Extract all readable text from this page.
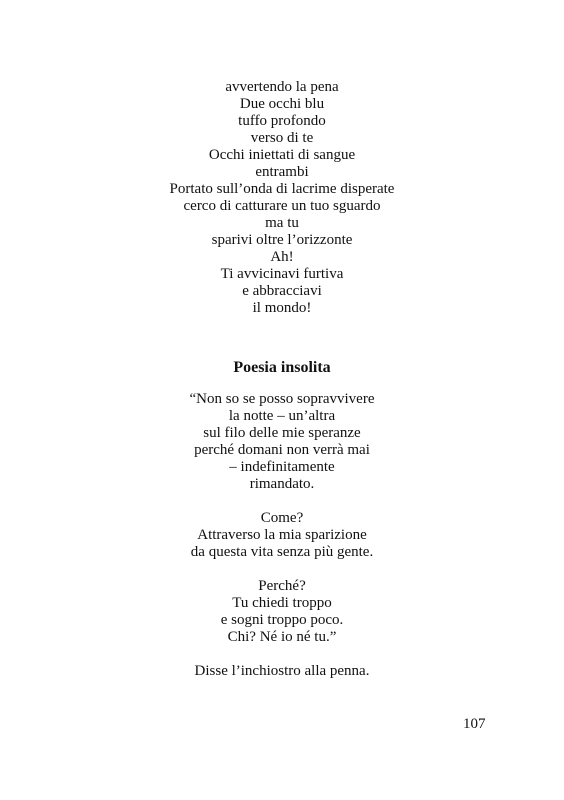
avvertendo la pena
Due occhi blu
tuffo profondo
verso di te
Occhi iniettati di sangue
entrambi
Portato sull’onda di lacrime disperate
cerco di catturare un tuo sguardo
ma tu
sparivi oltre l’orizzonte
Ah!
Ti avvicinavi furtiva
e abbracciavi
il mondo!
Poesia insolita
“Non so se posso sopravvivere
la notte – un’altra
sul filo delle mie speranze
perché domani non verrà mai
– indefinitamente
rimandato.
Come?
Attraverso la mia sparizione
da questa vita senza più gente.
Perché?
Tu chiedi troppo
e sogni troppo poco.
Chi? Né io né tu.”
Disse l’inchiostro alla penna.
107
